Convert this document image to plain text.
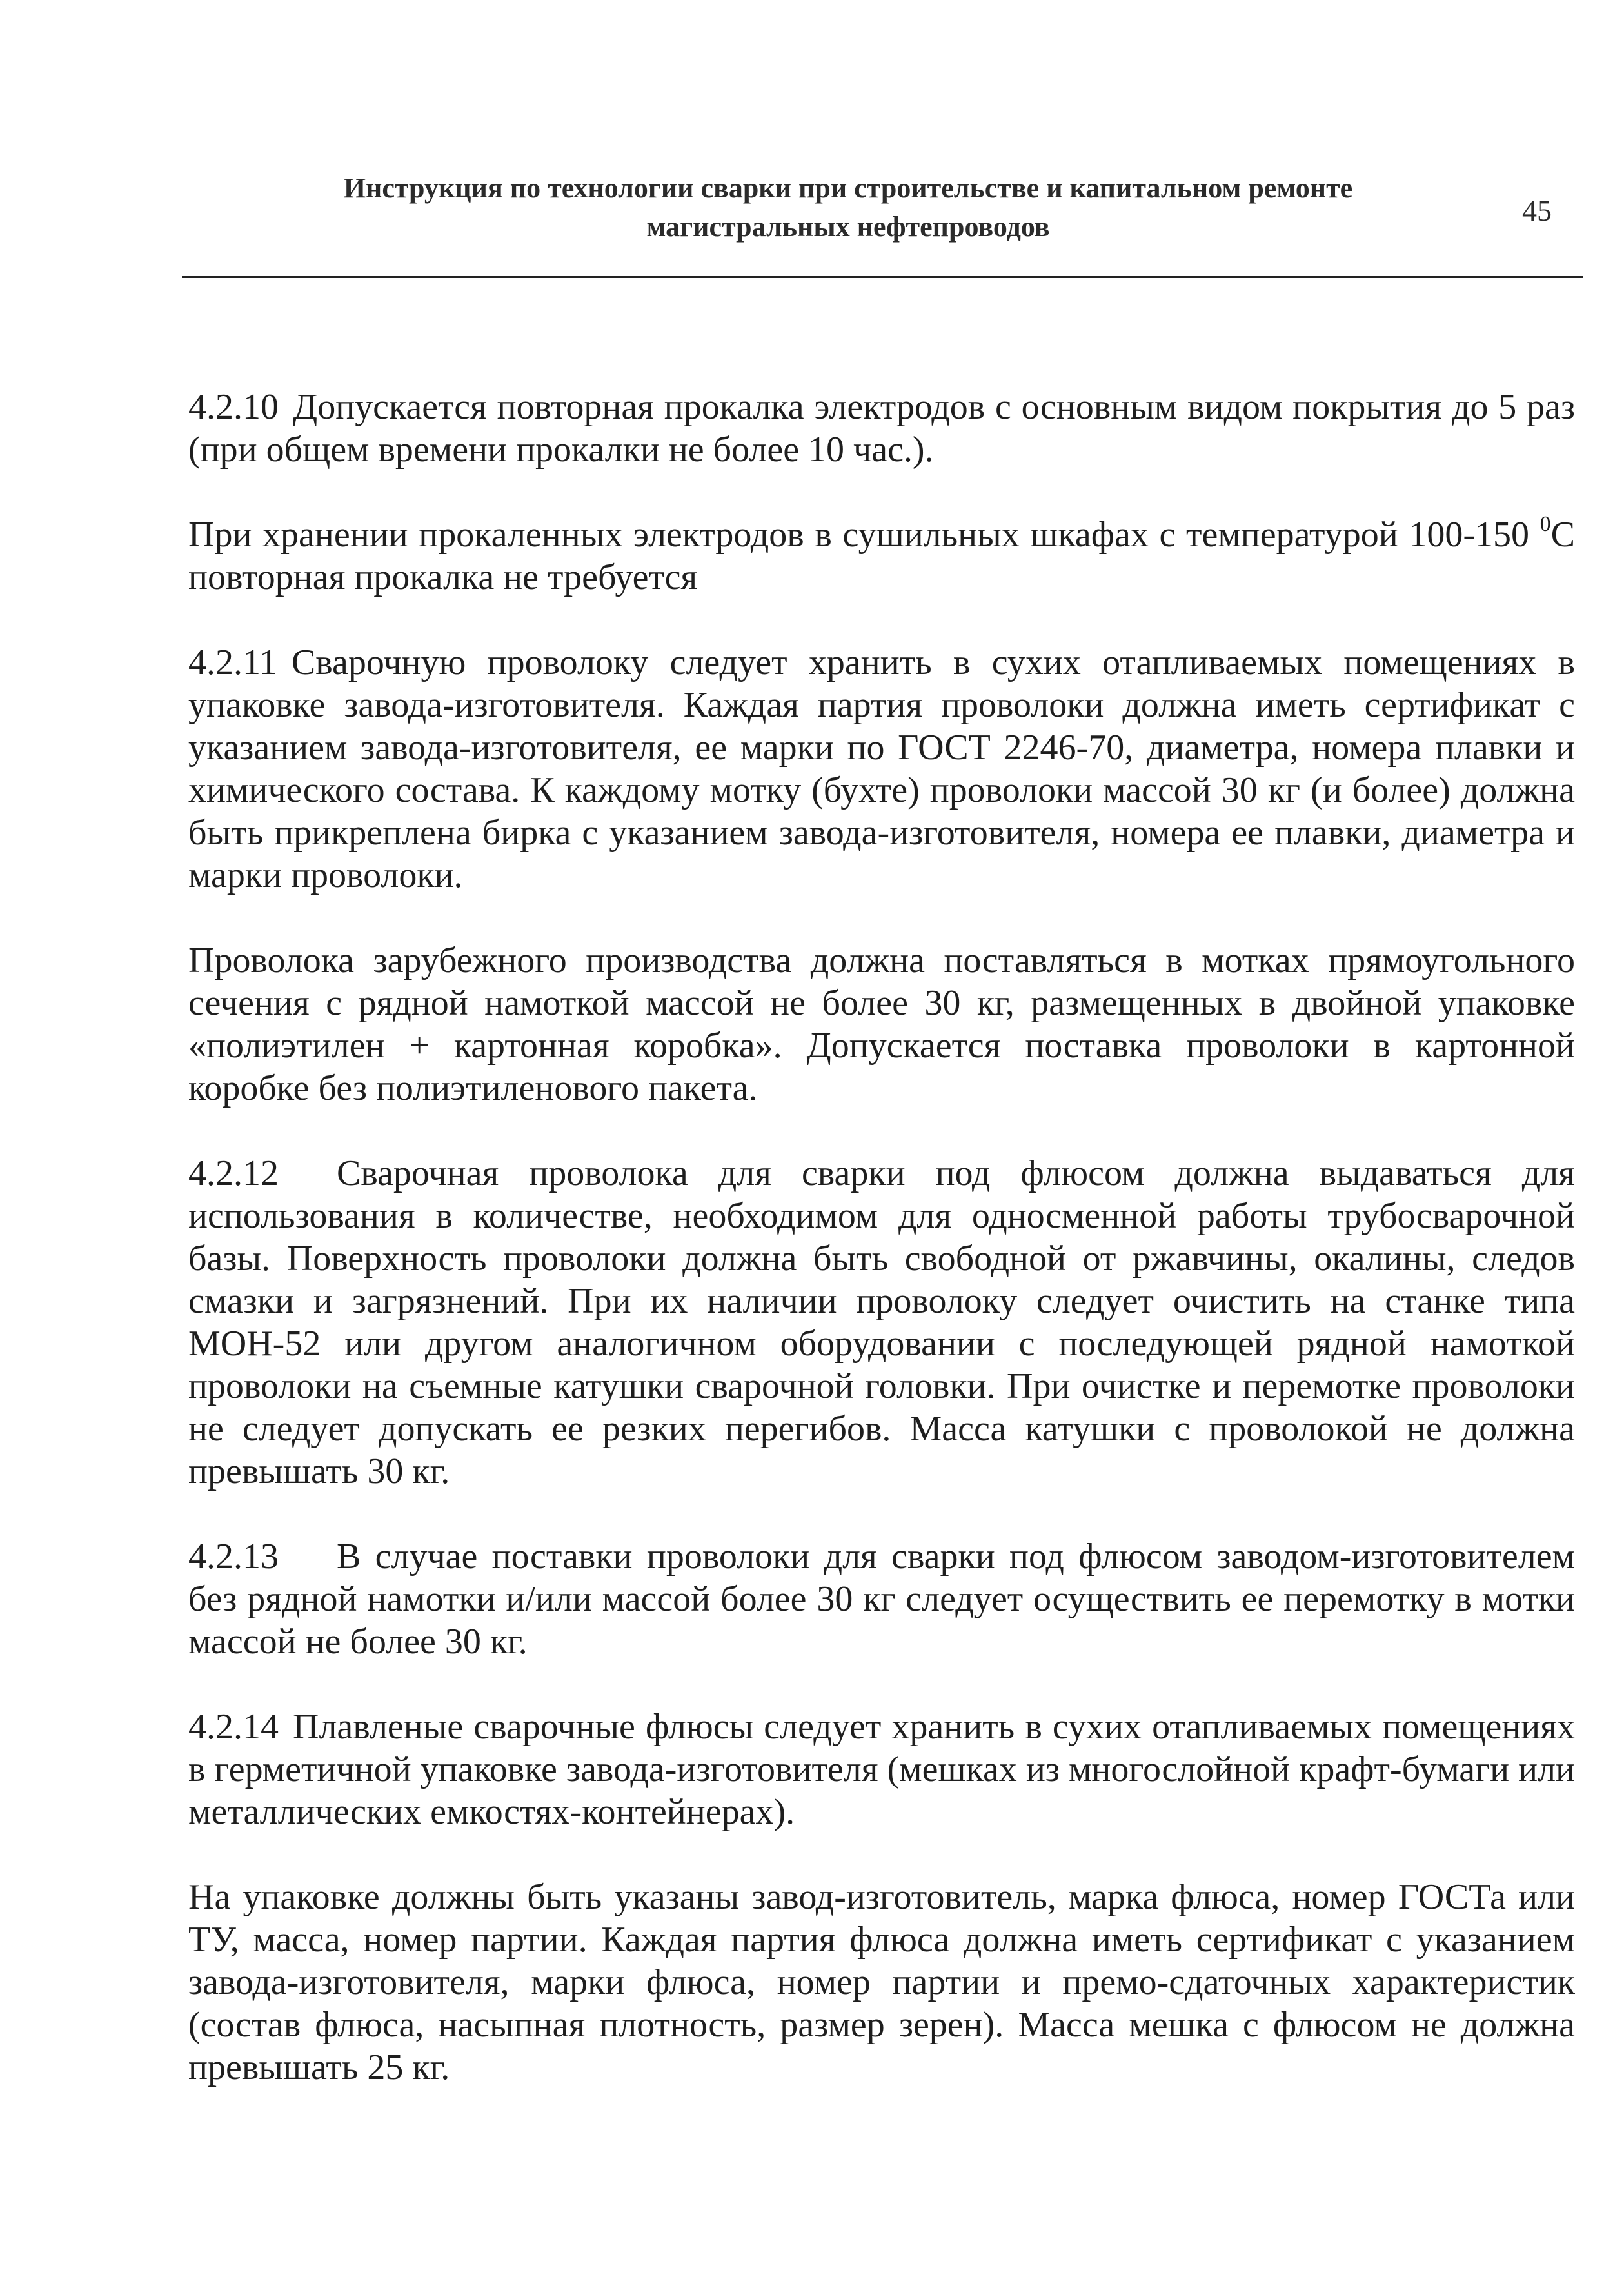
Инструкция по технологии сварки при строительстве и капитальном ремонте
магистральных нефтепроводов	45

4.2.10 Допускается повторная прокалка электродов с основным видом покрытия до 5 раз (при общем времени прокалки не более 10 час.).

При хранении прокаленных электродов в сушильных шкафах с температурой 100-150 $^0$С повторная прокалка не требуется

4.2.11 Сварочную проволоку следует хранить в сухих отапливаемых помещениях в упаковке завода-изготовителя. Каждая партия проволоки должна иметь сертификат с указанием завода-изготовителя, ее марки по ГОСТ 2246-70, диаметра, номера плавки и химического состава. К каждому мотку (бухте) проволоки массой 30 кг (и более) должна быть прикреплена бирка с указанием завода-изготовителя, номера ее плавки, диаметра и марки проволоки.

Проволока зарубежного производства должна поставляться в мотках прямоугольного сечения с рядной намоткой массой не более 30 кг, размещенных в двойной упаковке «полиэтилен + картонная коробка». Допускается поставка проволоки в картонной коробке без полиэтиленового пакета.

4.2.12 Сварочная проволока для сварки под флюсом должна выдаваться для использования в количестве, необходимом для односменной работы трубосварочной базы. Поверхность проволоки должна быть свободной от ржавчины, окалины, следов смазки и загрязнений. При их наличии проволоку следует очистить на станке типа МОН-52 или другом аналогичном оборудовании с последующей рядной намоткой проволоки на съемные катушки сварочной головки. При очистке и перемотке проволоки не следует допускать ее резких перегибов. Масса катушки с проволокой не должна превышать 30 кг.

4.2.13 В случае поставки проволоки для сварки под флюсом заводом-изготовителем без рядной намотки и/или массой более 30 кг следует осуществить ее перемотку в мотки массой не более 30 кг.

4.2.14 Плавленые сварочные флюсы следует хранить в сухих отапливаемых помещениях в герметичной упаковке завода-изготовителя (мешках из многослойной крафт-бумаги или металлических емкостях-контейнерах).

На упаковке должны быть указаны завод-изготовитель, марка флюса, номер ГОСТа или ТУ, масса, номер партии. Каждая партия флюса должна иметь сертификат с указанием завода-изготовителя, марки флюса, номер партии и премо-сдаточных характеристик (состав флюса, насыпная плотность, размер зерен). Масса мешка с флюсом не должна превышать 25 кг.
